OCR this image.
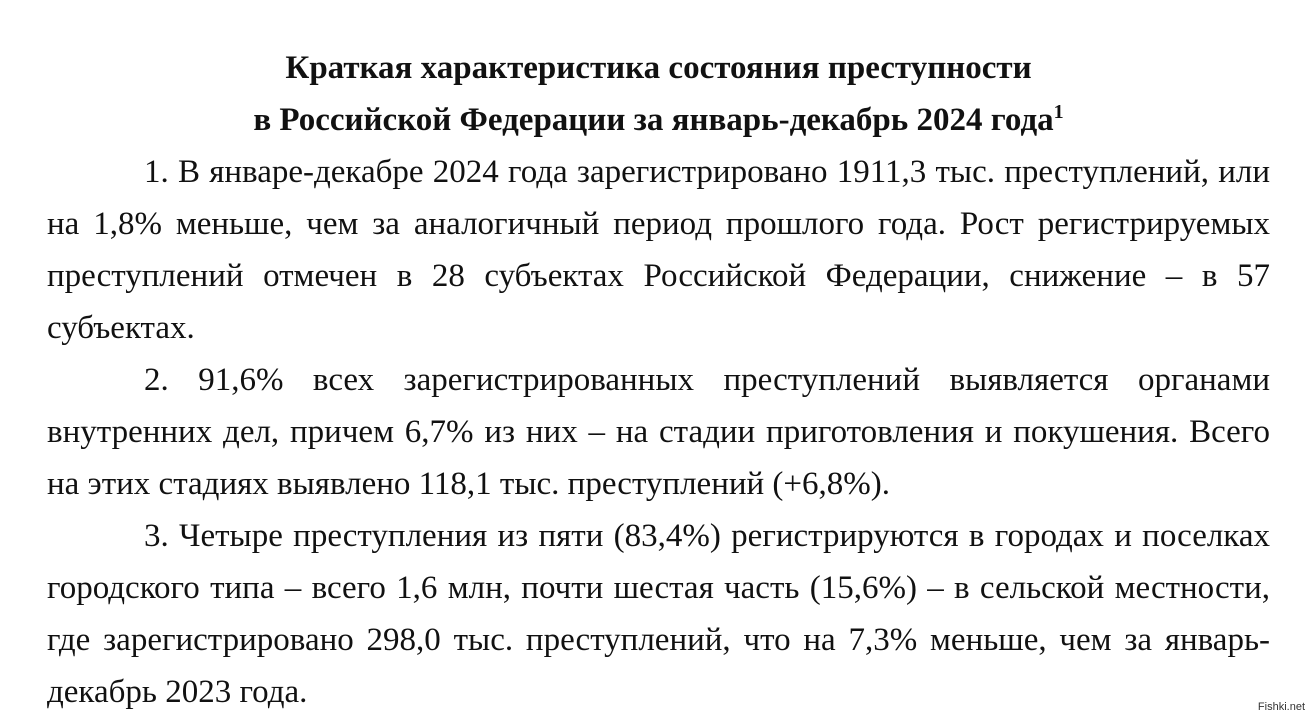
Краткая характеристика состояния преступности
в Российской Федерации за январь-декабрь 2024 года$^1$

1. В январе-декабре 2024 года зарегистрировано 1911,3 тыс. преступлений, или на 1,8% меньше, чем за аналогичный период прошлого года. Рост регистрируемых преступлений отмечен в 28 субъектах Российской Федерации, снижение – в 57 субъектах.

2. 91,6% всех зарегистрированных преступлений выявляется органами внутренних дел, причем 6,7% из них – на стадии приготовления и покушения. Всего на этих стадиях выявлено 118,1 тыс. преступлений (+6,8%).

3. Четыре преступления из пяти (83,4%) регистрируются в городах и поселках городского типа – всего 1,6 млн, почти шестая часть (15,6%) – в сельской местности, где зарегистрировано 298,0 тыс. преступлений, что на 7,3% меньше, чем за январь-декабрь 2023 года.	Fishki.net
